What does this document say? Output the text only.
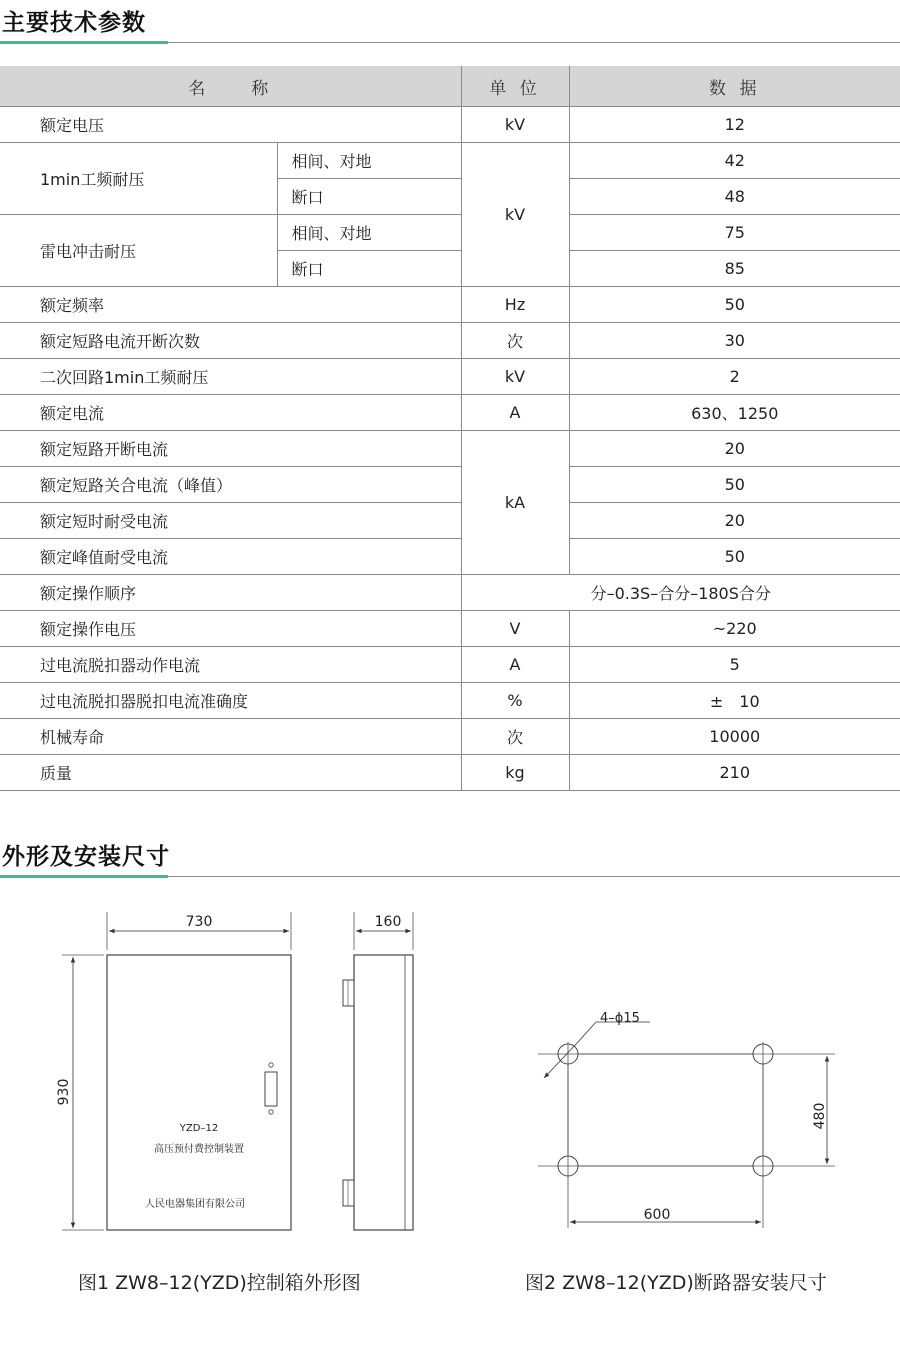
主要技术参数
名　　称		单 位	数 据
额定电压		kV	12
1min工频耐压	相间、对地	kV	42
	断口		48
雷电冲击耐压	相间、对地		75
	断口		85
额定频率		Hz	50
额定短路电流开断次数		次	30
二次回路1min工频耐压		kV	2
额定电流		A	630、1250
额定短路开断电流		kA	20
额定短路关合电流（峰值）			50
额定短时耐受电流			20
额定峰值耐受电流			50
额定操作顺序		分–0.3S–合分–180S合分	
额定操作电压		V	~220
过电流脱扣器动作电流		A	5
过电流脱扣器脱扣电流准确度		%	±　10
机械寿命		次	10000
质量		kg	210
外形及安装尺寸
730
930
YZD–12
高压预付费控制装置
人民电器集团有限公司
160
4–ϕ15
480
600
图1 ZW8–12(YZD)控制箱外形图	图2 ZW8–12(YZD)断路器安装尺寸
